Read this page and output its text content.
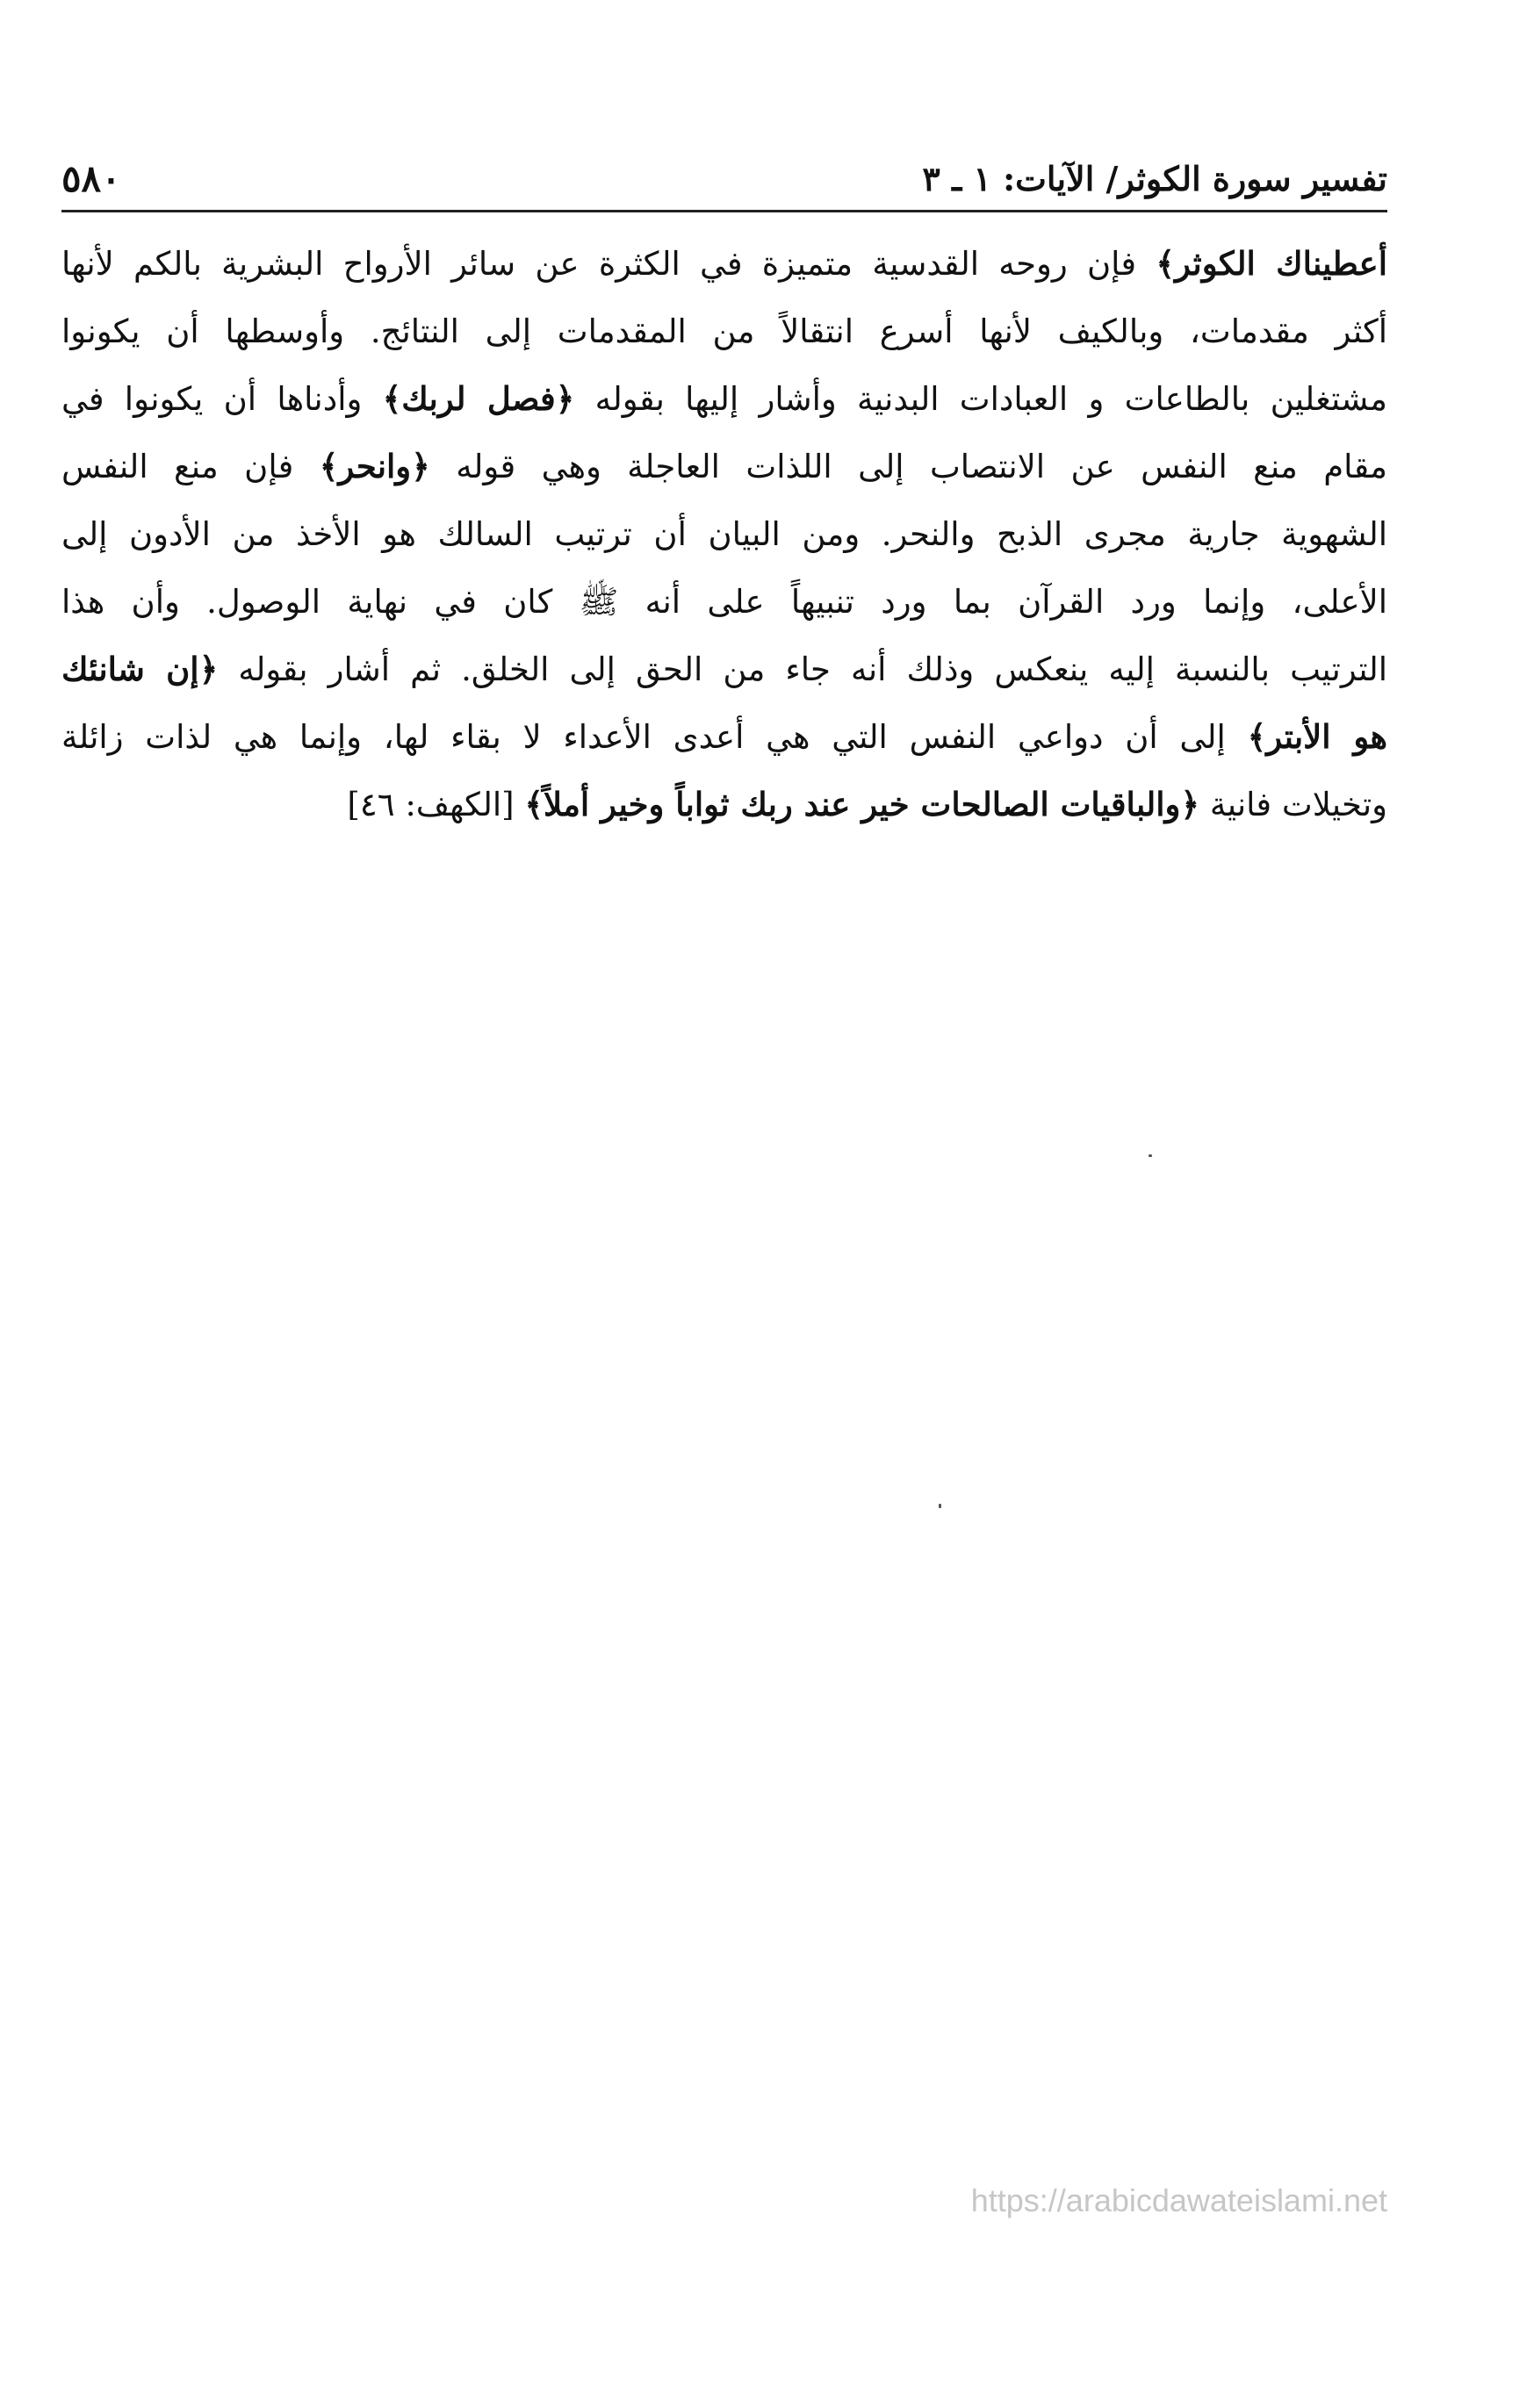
تفسير سورة الكوثر/ الآيات: ١ ـ ٣
٥٨٠
أعطيناك الكوثر﴾ فإن روحه القدسية متميزة في الكثرة عن سائر الأرواح البشرية بالكم لأنها
أكثر مقدمات، وبالكيف لأنها أسرع انتقالاً من المقدمات إلى النتائج. وأوسطها أن يكونوا
مشتغلين بالطاعات و العبادات البدنية وأشار إليها بقوله ﴿فصل لربك﴾ وأدناها أن يكونوا في
مقام منع النفس عن الانتصاب إلى اللذات العاجلة وهي قوله ﴿وانحر﴾ فإن منع النفس
الشهوية جارية مجرى الذبح والنحر. ومن البيان أن ترتيب السالك هو الأخذ من الأدون إلى
الأعلى، وإنما ورد القرآن بما ورد تنبيهاً على أنه ﷺ كان في نهاية الوصول. وأن هذا
الترتيب بالنسبة إليه ينعكس وذلك أنه جاء من الحق إلى الخلق. ثم أشار بقوله ﴿إن شانئك
هو الأبتر﴾ إلى أن دواعي النفس التي هي أعدى الأعداء لا بقاء لها، وإنما هي لذات زائلة
وتخيلات فانية ﴿والباقيات الصالحات خير عند ربك ثواباً وخير أملاً﴾ [الكهف: ٤٦]
https://arabicdawateislami.net
